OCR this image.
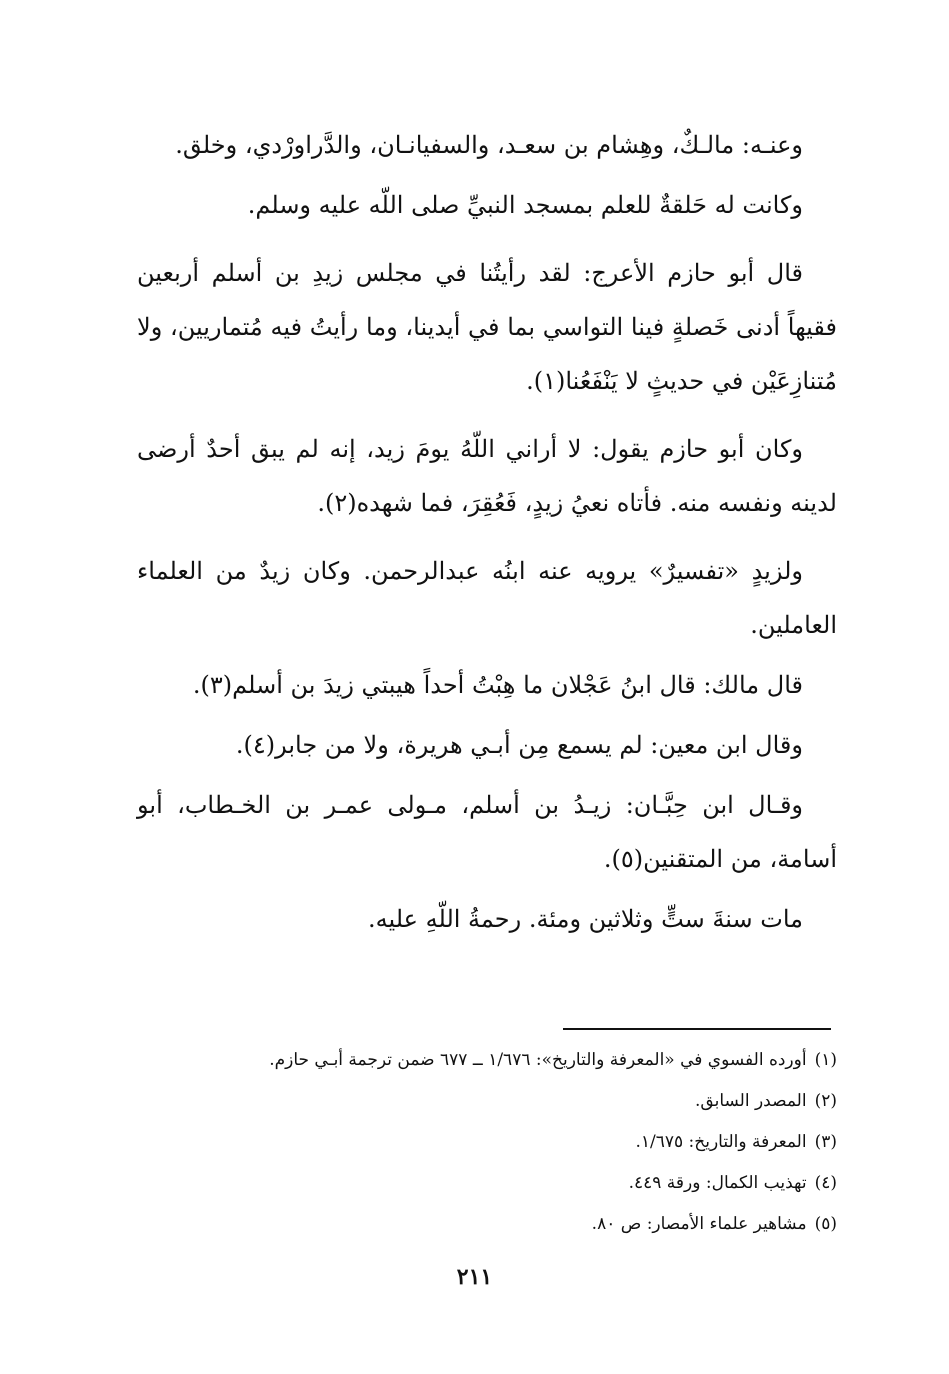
وعنـه: مالـكٌ، وهِشام بن سعـد، والسفيانـان، والدَّراورْدي، وخلق.

وكانت له حَلقةٌ للعلم بمسجد النبيِّ صلى اللّه عليه وسلم.

قال أبو حازم الأعرج: لقد رأيتُنا في مجلس زيدِ بن أسلم أربعين فقيهاً أدنى خَصلةٍ فينا التواسي بما في أيدينا، وما رأيتُ فيه مُتماريين، ولا مُتنازِعَيْن في حديثٍ لا يَنْفَعُنا(١).

وكان أبو حازم يقول: لا أراني اللّهُ يومَ زيد، إنه لم يبق أحدٌ أرضى لدينه ونفسه منه. فأتاه نعيُ زيدٍ، فَعُقِرَ، فما شهده(٢).

ولزيدٍ «تفسيرٌ» يرويه عنه ابنُه عبدالرحمن. وكان زيدٌ من العلماء العاملين.

قال مالك: قال ابنُ عَجْلان ما هِبْتُ أحداً هيبتي زيدَ بن أسلم(٣).

وقال ابن معين: لم يسمع مِن أبـي هريرة، ولا من جابر(٤).

وقـال ابن حِبَّـان: زيـدُ بن أسلم، مـولى عمـر بن الخـطاب، أبو أسامة، من المتقنين(٥).

مات سنةَ ستٍّ وثلاثين ومئة. رحمةُ اللّهِ عليه.

(١)أورده الفسوي في «المعرفة والتاريخ»: ١/٦٧٦ ــ ٦٧٧ ضمن ترجمة أبـي حازم.

(٢)المصدر السابق.

(٣)المعرفة والتاريخ: ١/٦٧٥.

(٤)تهذيب الكمال: ورقة ٤٤٩.

(٥)مشاهير علماء الأمصار: ص ٨٠.

٢١١
